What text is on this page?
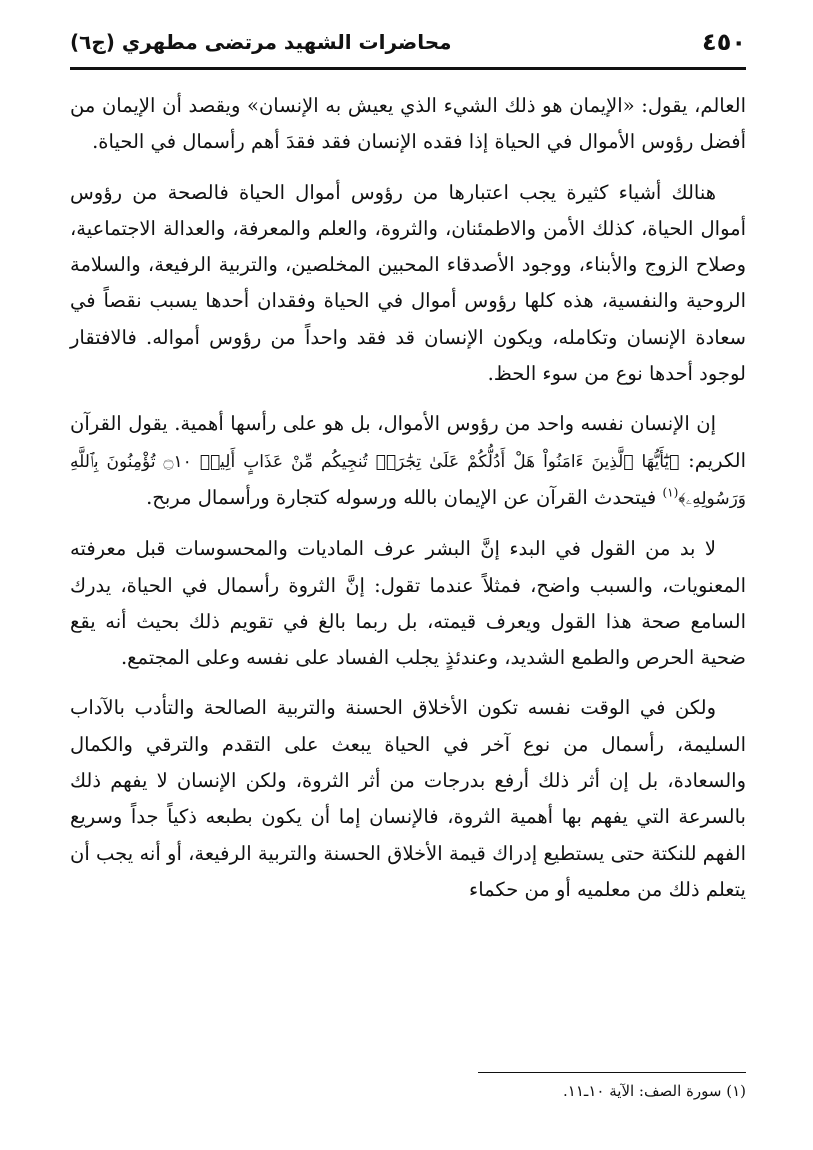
٤٥٠
محاضرات الشهيد مرتضى مطهري (ج٦)

العالم، يقول: «الإيمان هو ذلك الشيء الذي يعيش به الإنسان» ويقصد أن الإيمان من أفضل رؤوس الأموال في الحياة إذا فقده الإنسان فقد فقدَ أهم رأسمال في الحياة.

هنالك أشياء كثيرة يجب اعتبارها من رؤوس أموال الحياة فالصحة من رؤوس أموال الحياة، كذلك الأمن والاطمئنان، والثروة، والعلم والمعرفة، والعدالة الاجتماعية، وصلاح الزوج والأبناء، ووجود الأصدقاء المحبين المخلصين، والتربية الرفيعة، والسلامة الروحية والنفسية، هذه كلها رؤوس أموال في الحياة وفقدان أحدها يسبب نقصاً في سعادة الإنسان وتكامله، ويكون الإنسان قد فقد واحداً من رؤوس أمواله. فالافتقار لوجود أحدها نوع من سوء الحظ.

إن الإنسان نفسه واحد من رؤوس الأموال، بل هو على رأسها أهمية. يقول القرآن الكريم: ﴿يَٰٓأَيُّهَا ٱلَّذِينَ ءَامَنُواْ هَلْ أَدُلُّكُمْ عَلَىٰ تِجَٰرَةٖ تُنجِيكُم مِّنْ عَذَابٍ أَلِيمٖ ۝١٠ تُؤْمِنُونَ بِٱللَّهِ وَرَسُولِهِۦ﴾$^{(١)}$ فيتحدث القرآن عن الإيمان بالله ورسوله كتجارة ورأسمال مربح.

لا بد من القول في البدء إنَّ البشر عرف الماديات والمحسوسات قبل معرفته المعنويات، والسبب واضح، فمثلاً عندما تقول: إنَّ الثروة رأسمال في الحياة، يدرك السامع صحة هذا القول ويعرف قيمته، بل ربما بالغ في تقويم ذلك بحيث أنه يقع ضحية الحرص والطمع الشديد، وعندئذٍ يجلب الفساد على نفسه وعلى المجتمع.

ولكن في الوقت نفسه تكون الأخلاق الحسنة والتربية الصالحة والتأدب بالآداب السليمة، رأسمال من نوع آخر في الحياة يبعث على التقدم والترقي والكمال والسعادة، بل إن أثر ذلك أرفع بدرجات من أثر الثروة، ولكن الإنسان لا يفهم ذلك بالسرعة التي يفهم بها أهمية الثروة، فالإنسان إما أن يكون بطبعه ذكياً جداً وسريع الفهم للنكتة حتى يستطيع إدراك قيمة الأخلاق الحسنة والتربية الرفيعة، أو أنه يجب أن يتعلم ذلك من معلميه أو من حكماء

(١) سورة الصف: الآية ١٠ـ١١.
